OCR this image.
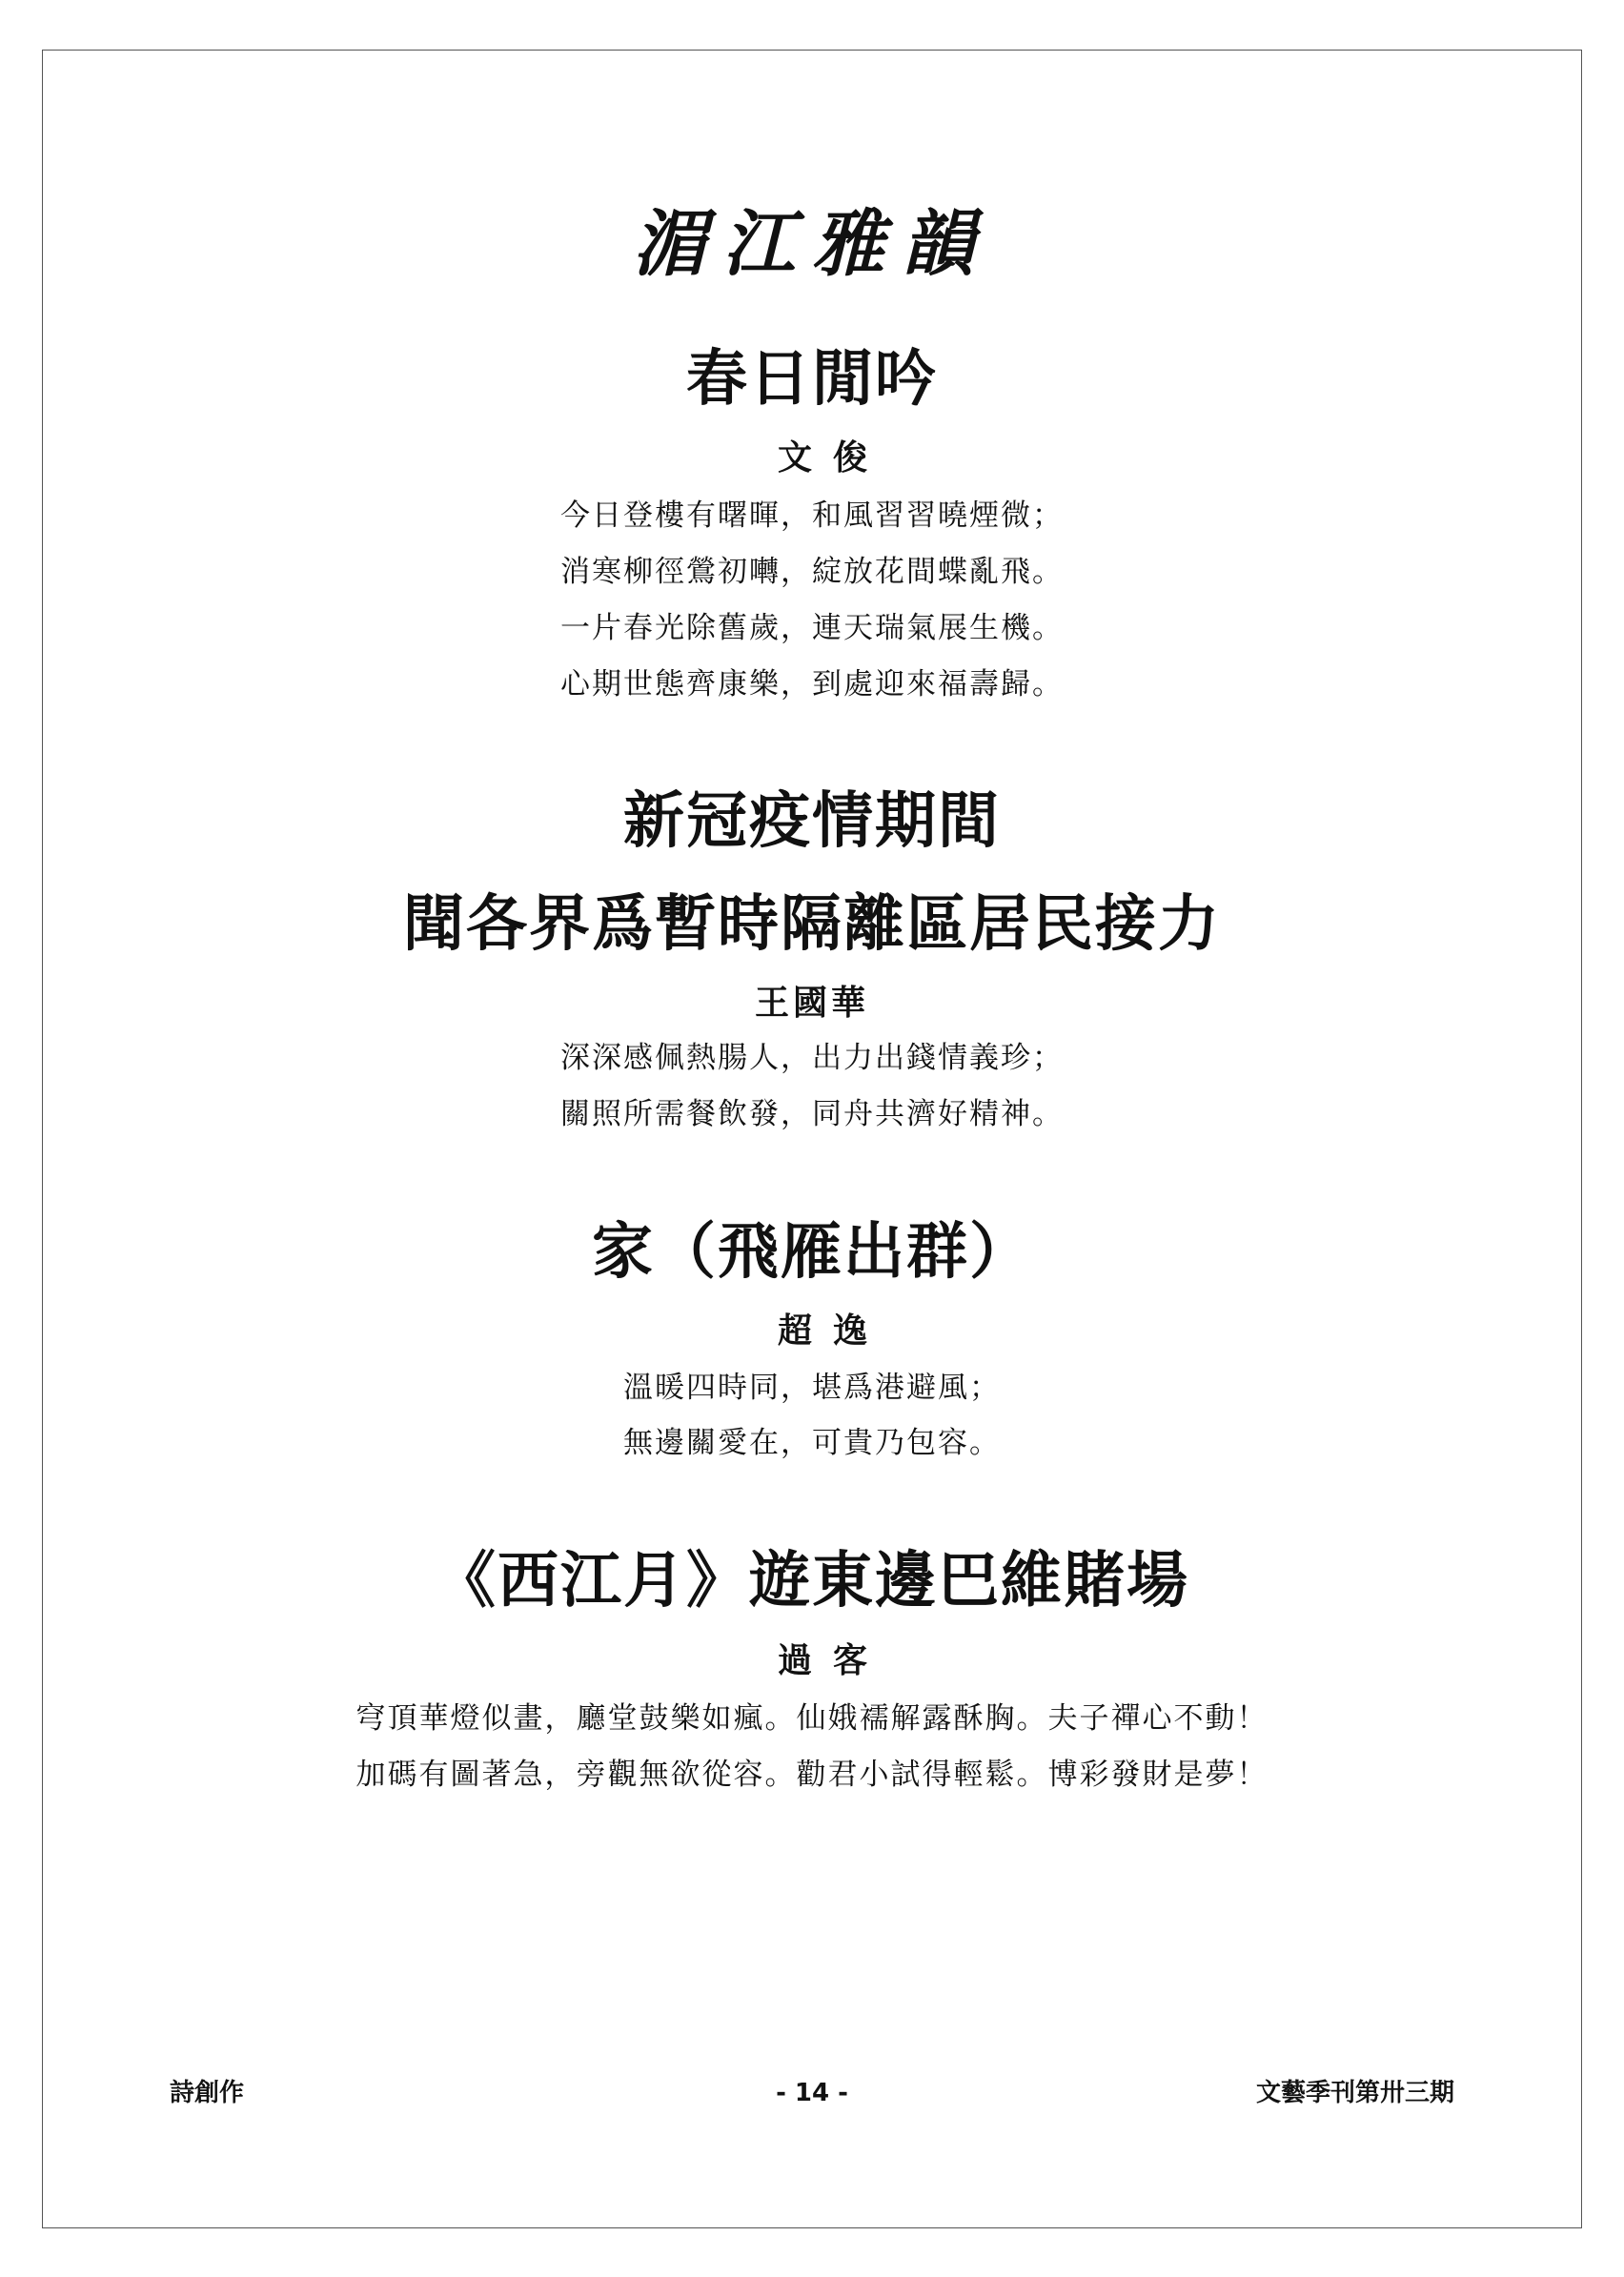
湄江雅韻
春日閒吟
文俊
今日登樓有曙暉，和風習習曉煙微；
消寒柳徑鶯初囀，綻放花間蝶亂飛。
一片春光除舊歲，連天瑞氣展生機。
心期世態齊康樂，到處迎來福壽歸。
新冠疫情期間
聞各界爲暫時隔離區居民接力
王國華
深深感佩熱腸人，出力出錢情義珍；
關照所需餐飲發，同舟共濟好精神。
家（飛雁出群）
超逸
溫暖四時同，堪爲港避風；
無邊關愛在，可貴乃包容。
《西江月》遊東邊巴維賭場
過客
穹頂華燈似畫，廳堂鼓樂如瘋。仙娥襦解露酥胸。夫子禪心不動！
加碼有圖著急，旁觀無欲從容。勸君小試得輕鬆。博彩發財是夢！
詩創作	- 14 -	文藝季刊第卅三期
